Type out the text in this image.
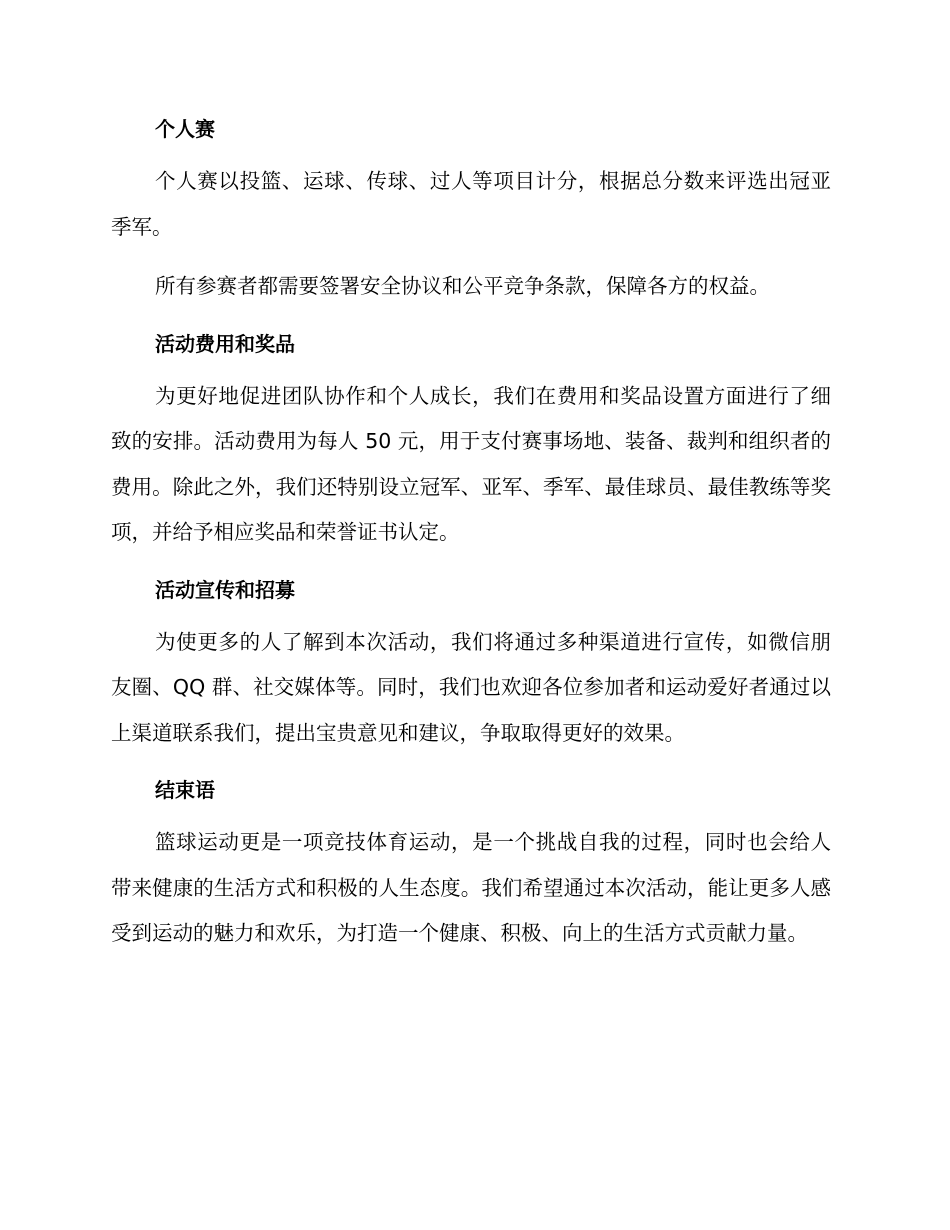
个人赛

个人赛以投篮、运球、传球、过人等项目计分，根据总分数来评选出冠亚季军。

所有参赛者都需要签署安全协议和公平竞争条款，保障各方的权益。

活动费用和奖品

为更好地促进团队协作和个人成长，我们在费用和奖品设置方面进行了细致的安排。活动费用为每人 50 元，用于支付赛事场地、装备、裁判和组织者的费用。除此之外，我们还特别设立冠军、亚军、季军、最佳球员、最佳教练等奖项，并给予相应奖品和荣誉证书认定。

活动宣传和招募

为使更多的人了解到本次活动，我们将通过多种渠道进行宣传，如微信朋友圈、QQ 群、社交媒体等。同时，我们也欢迎各位参加者和运动爱好者通过以上渠道联系我们，提出宝贵意见和建议，争取取得更好的效果。

结束语

篮球运动更是一项竞技体育运动，是一个挑战自我的过程，同时也会给人带来健康的生活方式和积极的人生态度。我们希望通过本次活动，能让更多人感受到运动的魅力和欢乐，为打造一个健康、积极、向上的生活方式贡献力量。
